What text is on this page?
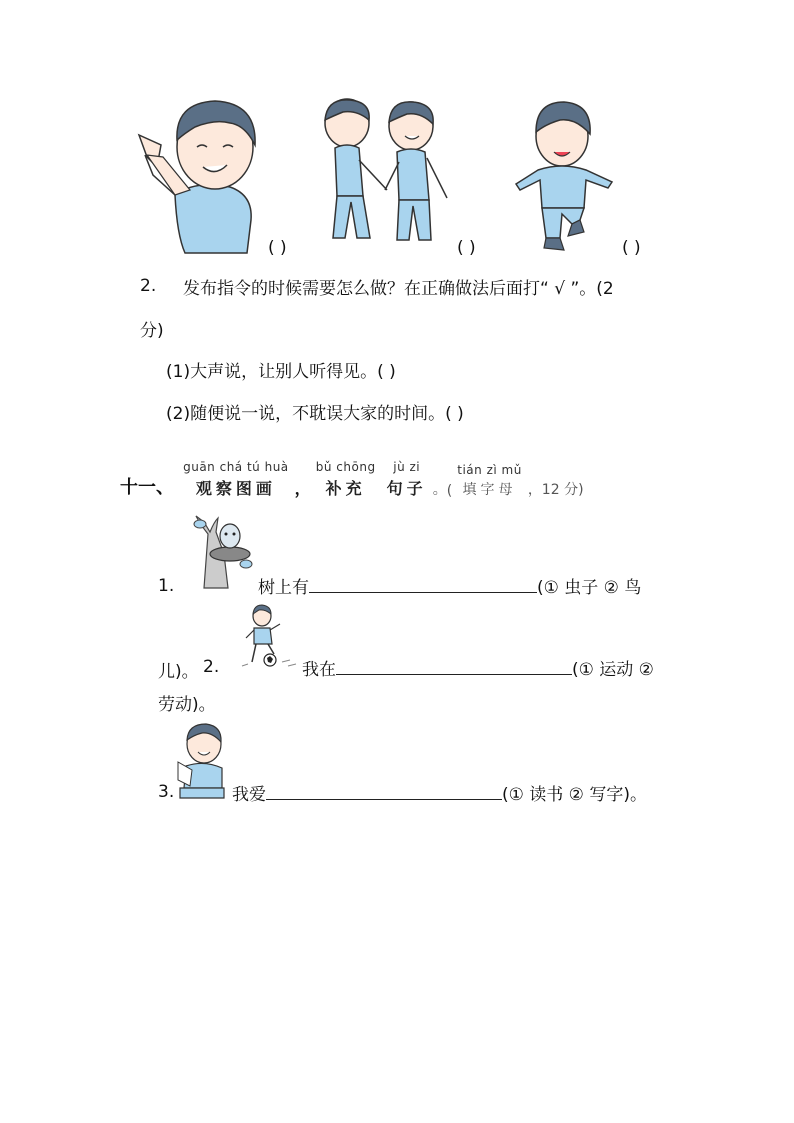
( )	( )	( )
2. 发布指令的时候需要怎么做？在正确做法后面打“ √ ”。(2
分)
(1)大声说，让别人听得见。( )
(2)随便说一说，不耽误大家的时间。( )
十一、
guān chá tú huà
观察图画	，
bǔ chōng
补充

jù zi
句子 。(
tián zì mǔ
填字母 ，12 分)
1.	树上有	(① 虫子 ② 鸟
儿)。 2.	我在	(① 运动 ②
劳动)。
3.	我爱	(① 读书 ② 写字)。
